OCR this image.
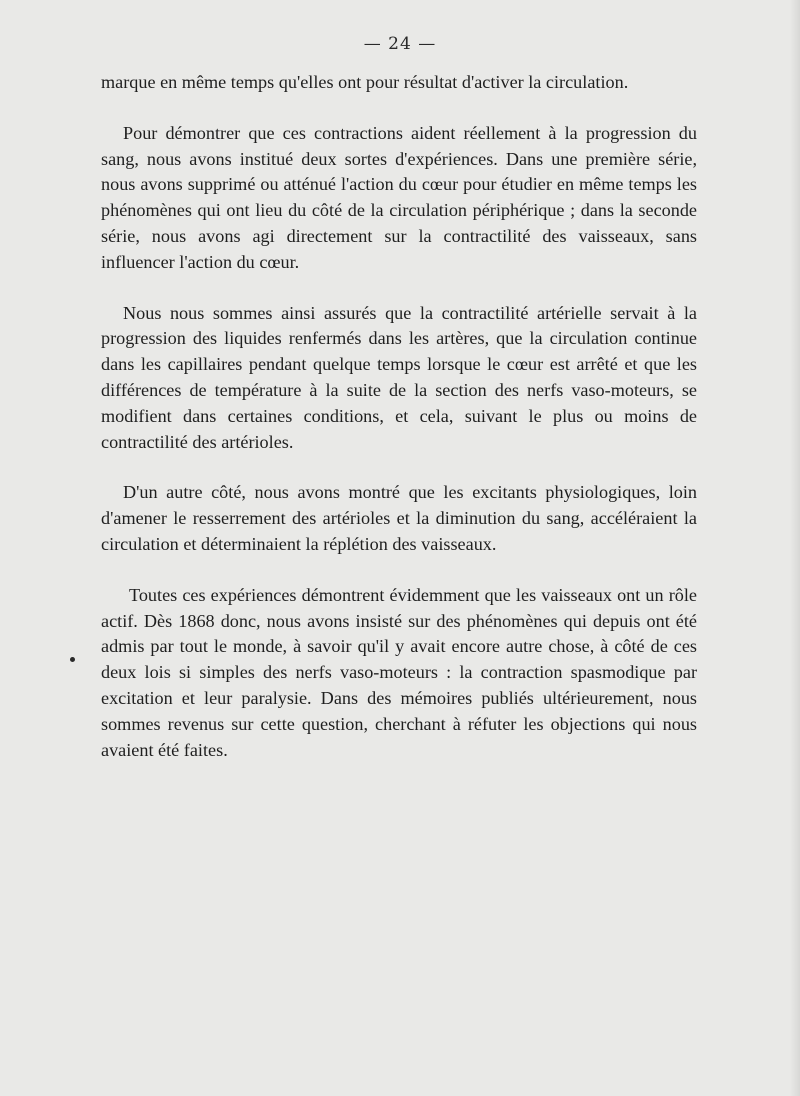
— 24 —

marque en même temps qu'elles ont pour résultat d'activer la circulation.

Pour démontrer que ces contractions aident réellement à la progression du sang, nous avons institué deux sortes d'expériences. Dans une première série, nous avons supprimé ou atténué l'action du cœur pour étudier en même temps les phénomènes qui ont lieu du côté de la circulation périphérique ; dans la seconde série, nous avons agi directement sur la contractilité des vaisseaux, sans influencer l'action du cœur.

Nous nous sommes ainsi assurés que la contractilité artérielle servait à la progression des liquides renfermés dans les artères, que la circulation continue dans les capillaires pendant quelque temps lorsque le cœur est arrêté et que les différences de température à la suite de la section des nerfs vaso-moteurs, se modifient dans certaines conditions, et cela, suivant le plus ou moins de contractilité des artérioles.

D'un autre côté, nous avons montré que les excitants physiologiques, loin d'amener le resserrement des artérioles et la diminution du sang, accéléraient la circulation et déterminaient la réplétion des vaisseaux.

Toutes ces expériences démontrent évidemment que les vaisseaux ont un rôle actif. Dès 1868 donc, nous avons insisté sur des phénomènes qui depuis ont été admis par tout le monde, à savoir qu'il y avait encore autre chose, à côté de ces deux lois si simples des nerfs vaso-moteurs : la contraction spasmodique par excitation et leur paralysie. Dans des mémoires publiés ultérieurement, nous sommes revenus sur cette question, cherchant à réfuter les objections qui nous avaient été faites.
